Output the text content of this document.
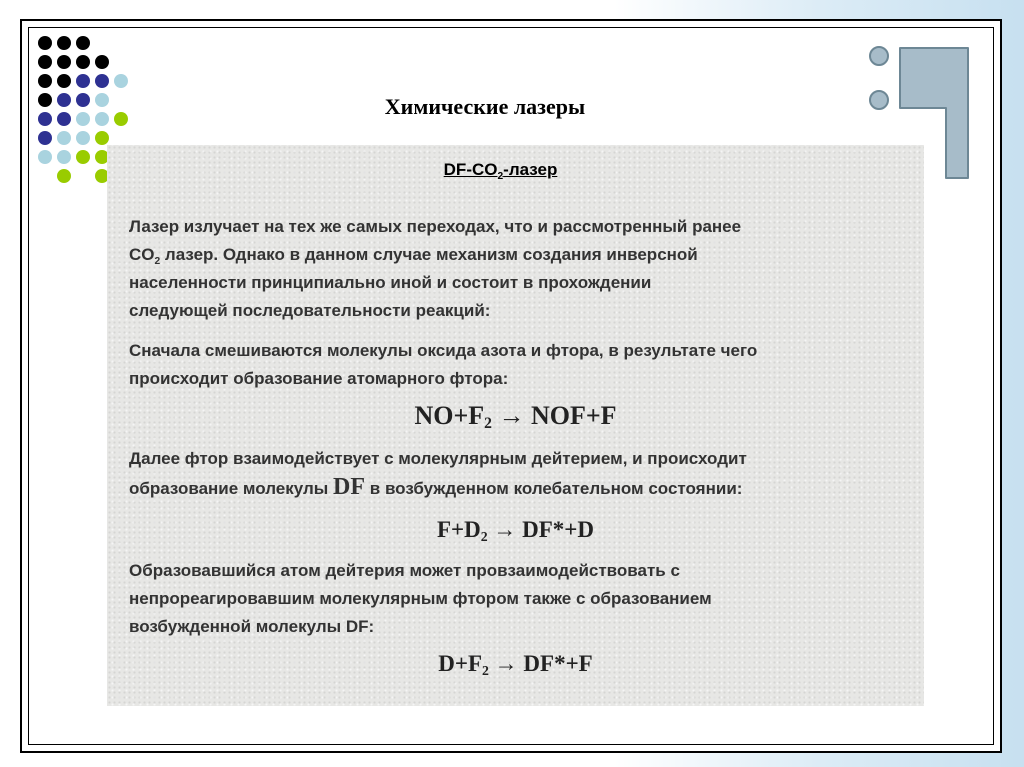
Химические лазеры
$DF-CO_2$-лазер
Лазер излучает на тех же самых переходах, что и рассмотренный ранее
$CO_2$ лазер. Однако в данном случае механизм создания инверсной
населенности принципиально иной и состоит в прохождении
следующей последовательности реакций:
Сначала смешиваются молекулы оксида азота и фтора, в результате чего
происходит образование атомарного фтора:
$NO+F_2 \to NOF+F$
Далее фтор взаимодействует с молекулярным дейтерием, и происходит
образование молекулы DF в возбужденном колебательном состоянии:
$F+D_2 \to DF*+D$
Образовавшийся атом дейтерия может провзаимодействовать с
непрореагировавшим молекулярным фтором также с образованием
возбужденной молекулы DF:
$D+F_2 \to DF*+F$
